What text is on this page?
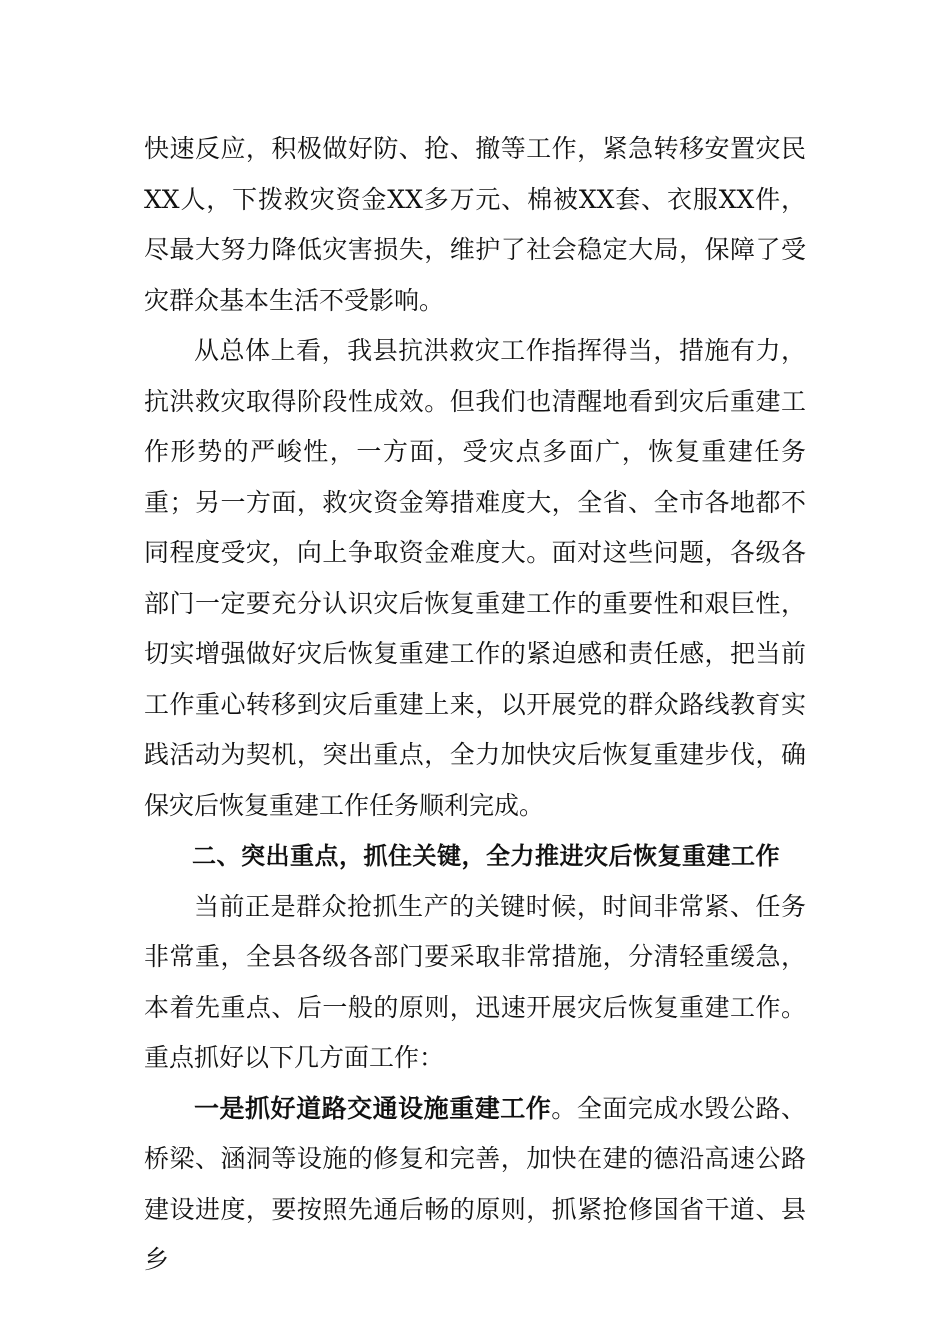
快速反应，积极做好防、抢、撤等工作，紧急转移安置灾民XX人，下拨救灾资金XX多万元、棉被XX套、衣服XX件，尽最大努力降低灾害损失，维护了社会稳定大局，保障了受灾群众基本生活不受影响。

从总体上看，我县抗洪救灾工作指挥得当，措施有力，抗洪救灾取得阶段性成效。但我们也清醒地看到灾后重建工作形势的严峻性，一方面，受灾点多面广，恢复重建任务重；另一方面，救灾资金筹措难度大，全省、全市各地都不同程度受灾，向上争取资金难度大。面对这些问题，各级各部门一定要充分认识灾后恢复重建工作的重要性和艰巨性，切实增强做好灾后恢复重建工作的紧迫感和责任感，把当前工作重心转移到灾后重建上来，以开展党的群众路线教育实践活动为契机，突出重点，全力加快灾后恢复重建步伐，确保灾后恢复重建工作任务顺利完成。

二、突出重点，抓住关键，全力推进灾后恢复重建工作

当前正是群众抢抓生产的关键时候，时间非常紧、任务非常重，全县各级各部门要采取非常措施，分清轻重缓急，本着先重点、后一般的原则，迅速开展灾后恢复重建工作。重点抓好以下几方面工作：

一是抓好道路交通设施重建工作。全面完成水毁公路、桥梁、涵洞等设施的修复和完善，加快在建的德沿高速公路建设进度，要按照先通后畅的原则，抓紧抢修国省干道、县乡
